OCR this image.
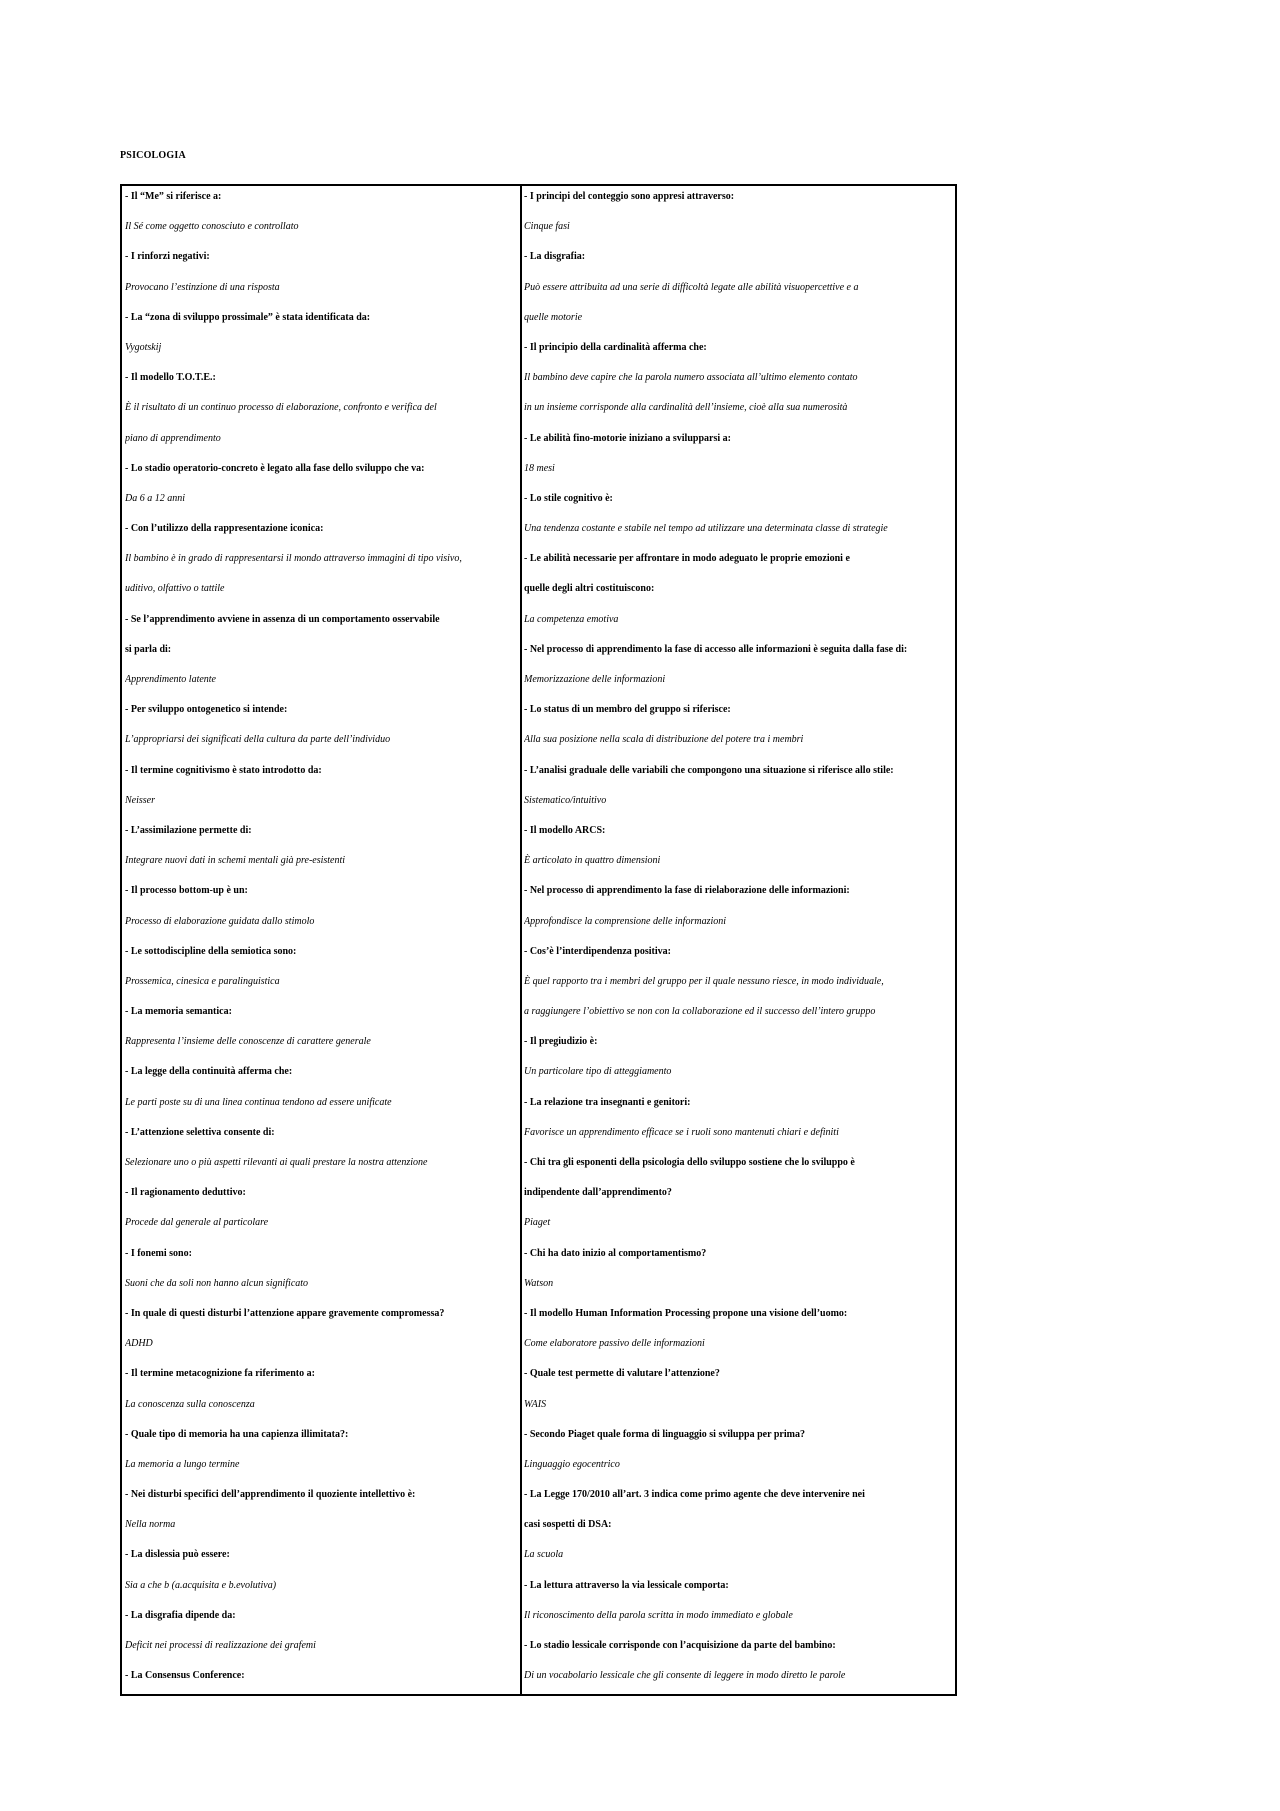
PSICOLOGIA
- Il “Me” si riferisce a:
Il Sé come oggetto conosciuto e controllato
- I rinforzi negativi:
Provocano l’estinzione di una risposta
- La “zona di sviluppo prossimale” è stata identificata da:
Vygotskij
- Il modello T.O.T.E.:
È il risultato di un continuo processo di elaborazione, confronto e verifica del
piano di apprendimento
- Lo stadio operatorio-concreto è legato alla fase dello sviluppo che va:
Da 6 a 12 anni
- Con l’utilizzo della rappresentazione iconica:
Il bambino è in grado di rappresentarsi il mondo attraverso immagini di tipo visivo,
uditivo, olfattivo o tattile
- Se l’apprendimento avviene in assenza di un comportamento osservabile
si parla di:
Apprendimento latente
- Per sviluppo ontogenetico si intende:
L’appropriarsi dei significati della cultura da parte dell’individuo
- Il termine cognitivismo è stato introdotto da:
Neisser
- L’assimilazione permette di:
Integrare nuovi dati in schemi mentali già pre-esistenti
- Il processo bottom-up è un:
Processo di elaborazione guidata dallo stimolo
- Le sottodiscipline della semiotica sono:
Prossemica, cinesica e paralinguistica
- La memoria semantica:
Rappresenta l’insieme delle conoscenze di carattere generale
- La legge della continuità afferma che:
Le parti poste su di una linea continua tendono ad essere unificate
- L’attenzione selettiva consente di:
Selezionare uno o più aspetti rilevanti ai quali prestare la nostra attenzione
- Il ragionamento deduttivo:
Procede dal generale al particolare
- I fonemi sono:
Suoni che da soli non hanno alcun significato
- In quale di questi disturbi l’attenzione appare gravemente compromessa?
ADHD
- Il termine metacognizione fa riferimento a:
La conoscenza sulla conoscenza
- Quale tipo di memoria ha una capienza illimitata?:
La memoria a lungo termine
- Nei disturbi specifici dell’apprendimento il quoziente intellettivo è:
Nella norma
- La dislessia può essere:
Sia a che b (a.acquisita e b.evolutiva)
- La disgrafia dipende da:
Deficit nei processi di realizzazione dei grafemi
- La Consensus Conference:
- I principi del conteggio sono appresi attraverso:
Cinque fasi
- La disgrafia:
Può essere attribuita ad una serie di difficoltà legate alle abilità visuopercettive e a
quelle motorie
- Il principio della cardinalità afferma che:
Il bambino deve capire che la parola numero associata all’ultimo elemento contato
in un insieme corrisponde alla cardinalità dell’insieme, cioè alla sua numerosità
- Le abilità fino-motorie iniziano a svilupparsi a:
18 mesi
- Lo stile cognitivo è:
Una tendenza costante e stabile nel tempo ad utilizzare una determinata classe di strategie
- Le abilità necessarie per affrontare in modo adeguato le proprie emozioni e
quelle degli altri costituiscono:
La competenza emotiva
- Nel processo di apprendimento la fase di accesso alle informazioni è seguita dalla fase di:
Memorizzazione delle informazioni
- Lo status di un membro del gruppo si riferisce:
Alla sua posizione nella scala di distribuzione del potere tra i membri
- L’analisi graduale delle variabili che compongono una situazione si riferisce allo stile:
Sistematico/intuitivo
- Il modello ARCS:
È articolato in quattro dimensioni
- Nel processo di apprendimento la fase di rielaborazione delle informazioni:
Approfondisce la comprensione delle informazioni
- Cos’è l’interdipendenza positiva:
È quel rapporto tra i membri del gruppo per il quale nessuno riesce, in modo individuale,
a raggiungere l’obiettivo se non con la collaborazione ed il successo dell’intero gruppo
- Il pregiudizio è:
Un particolare tipo di atteggiamento
- La relazione tra insegnanti e genitori:
Favorisce un apprendimento efficace se i ruoli sono mantenuti chiari e definiti
- Chi tra gli esponenti della psicologia dello sviluppo sostiene che lo sviluppo è
indipendente dall’apprendimento?
Piaget
- Chi ha dato inizio al comportamentismo?
Watson
- Il modello Human Information Processing propone una visione dell’uomo:
Come elaboratore passivo delle informazioni
- Quale test permette di valutare l’attenzione?
WAIS
- Secondo Piaget quale forma di linguaggio si sviluppa per prima?
Linguaggio egocentrico
- La Legge 170/2010 all’art. 3 indica come primo agente che deve intervenire nei
casi sospetti di DSA:
La scuola
- La lettura attraverso la via lessicale comporta:
Il riconoscimento della parola scritta in modo immediato e globale
- Lo stadio lessicale corrisponde con l’acquisizione da parte del bambino:
Di un vocabolario lessicale che gli consente di leggere in modo diretto le parole
